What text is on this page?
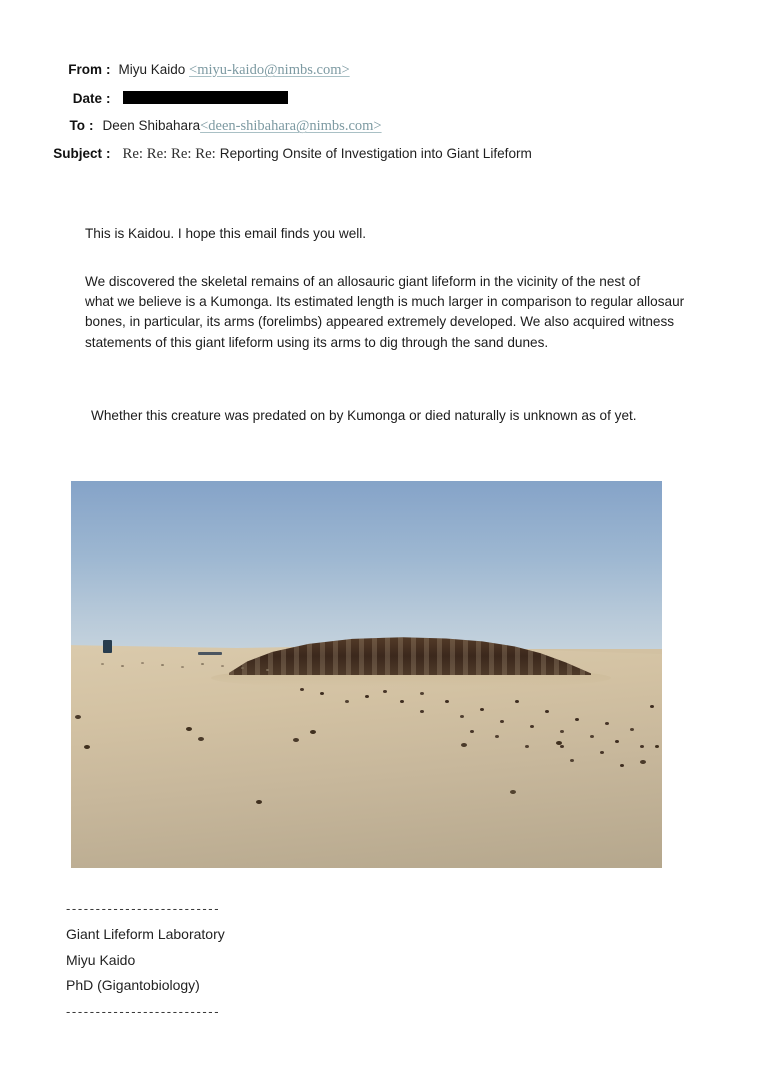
From : Miyu Kaido <miyu-kaido@nimbs.com>
Date :
To : Deen Shibahara<deen-shibahara@nimbs.com>
Subject : Re: Re: Re: Re: Reporting Onsite of Investigation into Giant Lifeform
This is Kaidou. I hope this email finds you well.
We discovered the skeletal remains of an allosauric giant lifeform in the vicinity of the nest of
what we believe is a Kumonga. Its estimated length is much larger in comparison to regular allosaur
bones, in particular, its arms (forelimbs) appeared extremely developed. We also acquired witness
statements of this giant lifeform using its arms to dig through the sand dunes.
Whether this creature was predated on by Kumonga or died naturally is unknown as of yet.
--------------------------
Giant Lifeform Laboratory
Miyu Kaido
PhD (Gigantobiology)
--------------------------
